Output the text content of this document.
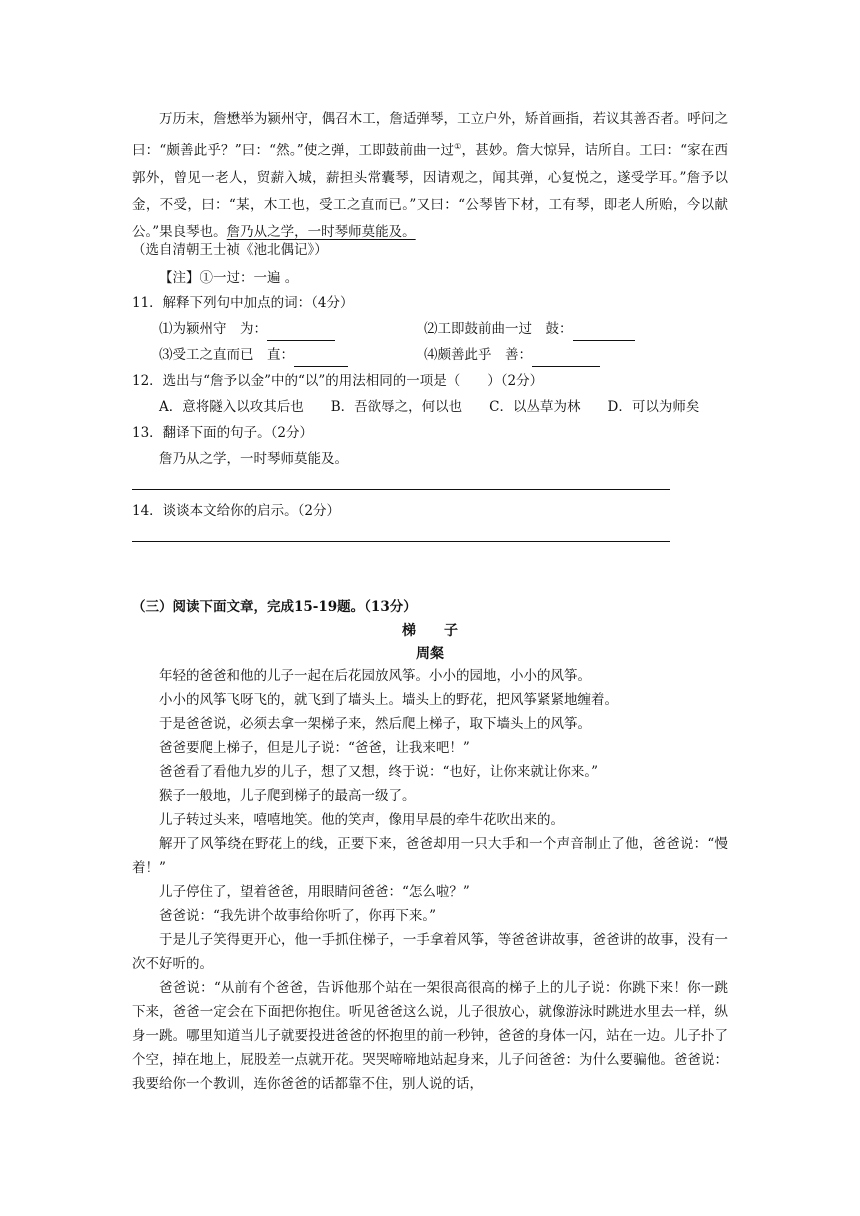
万历末，詹懋举为颍州守，偶召木工，詹适弹琴，工立户外，矫首画指，若议其善否者。呼问之曰：“颇善此乎？”曰：“然。”使之弹，工即鼓前曲一过①，甚妙。詹大惊异，诘所自。工曰：“家在西郭外，曾见一老人，贸薪入城，薪担头常囊琴，因请观之，闻其弹，心复悦之，遂受学耳。”詹予以金，不受，曰：“某，木工也，受工之直而已。”又曰：“公琴皆下材，工有琴，即老人所贻，今以献公。”果良琴也。詹乃从之学，一时琴师莫能及。

（选自清朝王士祯《池北偶记》）

【注】①一过：一遍 。

11．解释下列句中加点的词：（4分）

⑴为颍州守　为：	⑵工即鼓前曲一过　鼓：

⑶受工之直而已　直：	⑷颇善此乎　善：

12．选出与“詹予以金”中的“以”的用法相同的一项是（　　）（2分）

A．意将隧入以攻其后也　　B．吾欲辱之，何以也　　C．以丛草为林　　D．可以为师矣

13．翻译下面的句子。（2分）

詹乃从之学，一时琴师莫能及。

14．谈谈本文给你的启示。（2分）

（三）阅读下面文章，完成15-19题。（13分）

梯　　子

周粲

年轻的爸爸和他的儿子一起在后花园放风筝。小小的园地，小小的风筝。

小小的风筝飞呀飞的，就飞到了墙头上。墙头上的野花，把风筝紧紧地缠着。

于是爸爸说，必须去拿一架梯子来，然后爬上梯子，取下墙头上的风筝。

爸爸要爬上梯子，但是儿子说：“爸爸，让我来吧！”

爸爸看了看他九岁的儿子，想了又想，终于说：“也好，让你来就让你来。”

猴子一般地，儿子爬到梯子的最高一级了。

儿子转过头来，嘻嘻地笑。他的笑声，像用早晨的牵牛花吹出来的。

解开了风筝绕在野花上的线，正要下来，爸爸却用一只大手和一个声音制止了他，爸爸说：“慢着！”

儿子停住了，望着爸爸，用眼睛问爸爸：“怎么啦？”

爸爸说：“我先讲个故事给你听了，你再下来。”

于是儿子笑得更开心，他一手抓住梯子，一手拿着风筝，等爸爸讲故事，爸爸讲的故事，没有一次不好听的。

爸爸说：“从前有个爸爸，告诉他那个站在一架很高很高的梯子上的儿子说：你跳下来！你一跳下来，爸爸一定会在下面把你抱住。听见爸爸这么说，儿子很放心，就像游泳时跳进水里去一样，纵身一跳。哪里知道当儿子就要投进爸爸的怀抱里的前一秒钟，爸爸的身体一闪，站在一边。儿子扑了个空，掉在地上，屁股差一点就开花。哭哭啼啼地站起身来，儿子问爸爸：为什么要骗他。爸爸说：我要给你一个教训，连你爸爸的话都靠不住，别人说的话，
